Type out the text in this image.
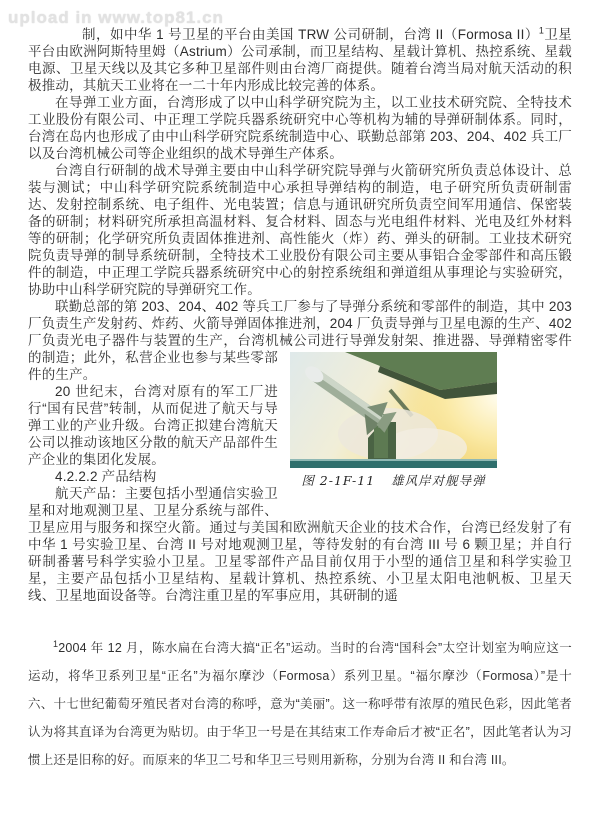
upload in www.top81.cn

制，如中华 1 号卫星的平台由美国 TRW 公司研制，台湾 II（Formosa II）$^1$卫星平台由欧洲阿斯特里姆（Astrium）公司承制，而卫星结构、星载计算机、热控系统、星载电源、卫星天线以及其它多种卫星部件则由台湾厂商提供。随着台湾当局对航天活动的积极推动，其航天工业将在一二十年内形成比较完善的体系。

在导弹工业方面，台湾形成了以中山科学研究院为主，以工业技术研究院、全特技术工业股份有限公司、中正理工学院兵器系统研究中心等机构为辅的导弹研制体系。同时，台湾在岛内也形成了由中山科学研究院系统制造中心、联勤总部第 203、204、402 兵工厂以及台湾机械公司等企业组织的战术导弹生产体系。

台湾自行研制的战术导弹主要由中山科学研究院导弹与火箭研究所负责总体设计、总装与测试；中山科学研究院系统制造中心承担导弹结构的制造，电子研究所负责研制雷达、发射控制系统、电子组件、光电装置；信息与通讯研究所负责空间军用通信、保密装备的研制；材料研究所承担高温材料、复合材料、固态与光电组件材料、光电及红外材料等的研制；化学研究所负责固体推进剂、高性能火（炸）药、弹头的研制。工业技术研究院负责导弹的制导系统研制，全特技术工业股份有限公司主要从事铝合金零部件和高压锻件的制造，中正理工学院兵器系统研究中心的射控系统组和弹道组从事理论与实验研究，协助中山科学研究院的导弹研究工作。

联勤总部的第 203、204、402 等兵工厂参与了导弹分系统和零部件的制造，其中 203 厂负责生产发射药、炸药、火箭导弹固体推进剂，204 厂负责导弹与卫星电源的生产、402 厂负责光电子器件与装置的生产，台湾机械公司进行导弹发射架、推进器、导弹精密零件的
图 2-1F-11 雄风岸对舰导弹
制造；此外，私营企业也参与某些零部件的生产。

20 世纪末，台湾对原有的军工厂进行“国有民营”转制，从而促进了航天与导弹工业的产业升级。台湾正拟建台湾航天公司以推动该地区分散的航天产品部件生产企业的集团化发展。

4.2.2.2 产品结构

航天产品：主要包括小型通信实验卫星和对地观测卫星、卫星分系统与部件、卫星应用与服务和探空火箭。通过与美国和欧洲航天企业的技术合作，台湾已经发射了有中华 1 号实验卫星、台湾 II 号对地观测卫星，等待发射的有台湾 III 号 6 颗卫星；并自行研制番薯号科学实验小卫星。卫星零部件产品目前仅用于小型的通信卫星和科学实验卫星，主要产品包括小卫星结构、星载计算机、热控系统、小卫星太阳电池帆板、卫星天线、卫星地面设备等。台湾注重卫星的军事应用，其研制的遥

$^1$2004 年 12 月，陈水扁在台湾大搞“正名”运动。当时的台湾“国科会”太空计划室为响应这一运动，将华卫系列卫星“正名”为福尔摩沙（Formosa）系列卫星。“福尔摩沙（Formosa）”是十六、十七世纪葡萄牙殖民者对台湾的称呼，意为“美丽”。这一称呼带有浓厚的殖民色彩，因此笔者认为将其直译为台湾更为贴切。由于华卫一号是在其结束工作寿命后才被“正名”，因此笔者认为习惯上还是旧称的好。而原来的华卫二号和华卫三号则用新称，分别为台湾 II 和台湾 III。
